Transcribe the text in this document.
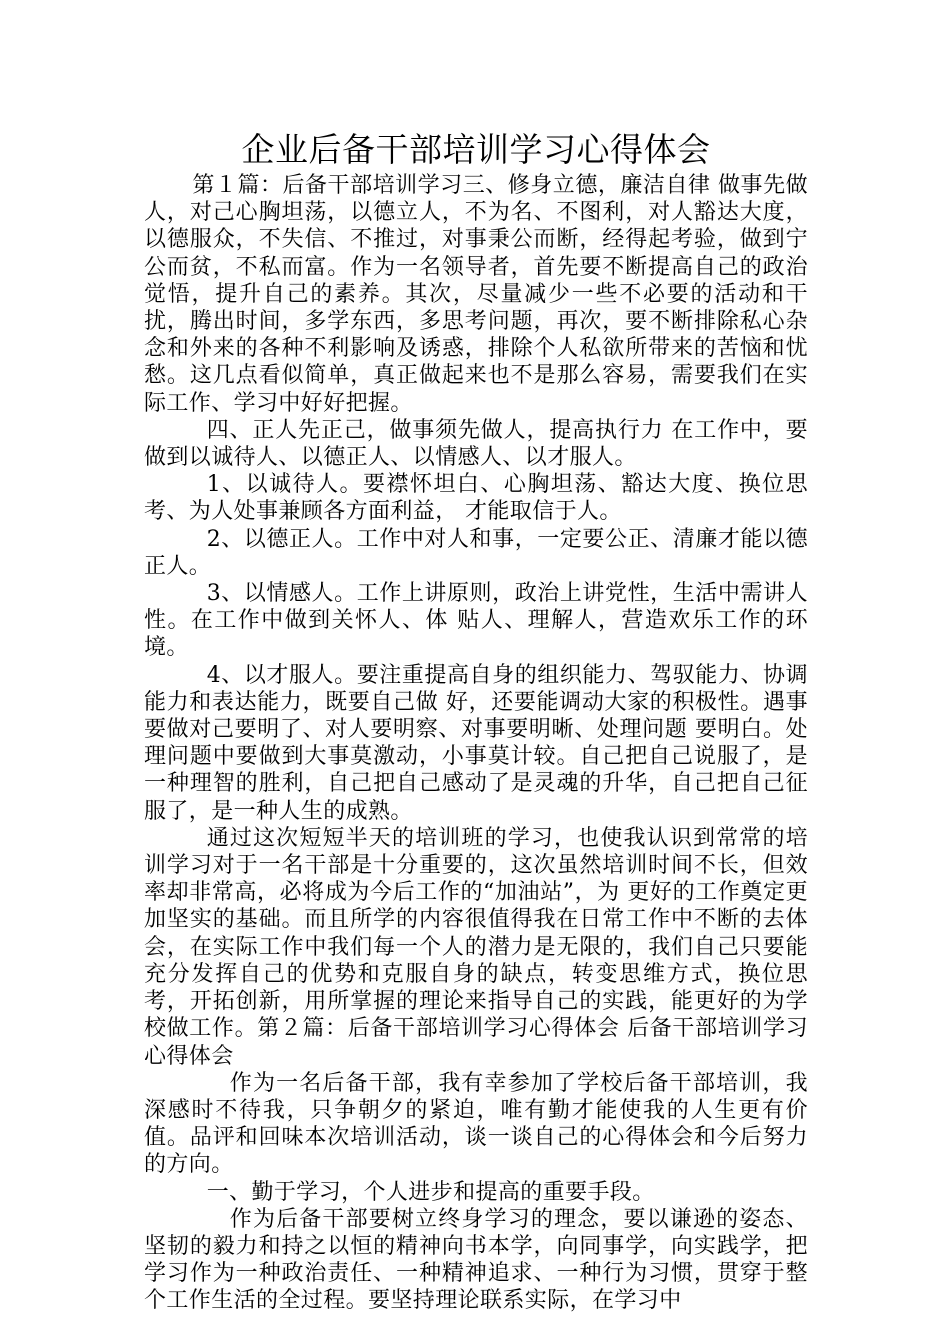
企业后备干部培训学习心得体会

第１篇：后备干部培训学习三、修身立德，廉洁自律 做事先做人，对己心胸坦荡，以德立人，不为名、不图利，对人豁达大度，以德服众，不失信、不推过，对事秉公而断，经得起考验，做到宁公而贫，不私而富。作为一名领导者，首先要不断提高自己的政治觉悟，提升自己的素养。其次，尽量减少一些不必要的活动和干扰，腾出时间，多学东西，多思考问题，再次，要不断排除私心杂念和外来的各种不利影响及诱惑，排除个人私欲所带来的苦恼和忧愁。这几点看似简单，真正做起来也不是那么容易，需要我们在实际工作、学习中好好把握。

四、正人先正己，做事须先做人，提高执行力 在工作中，要做到以诚待人、以德正人、以情感人、以才服人。

1、以诚待人。要襟怀坦白、心胸坦荡、豁达大度、换位思考、为人处事兼顾各方面利益， 才能取信于人。

2、以德正人。工作中对人和事，一定要公正、清廉才能以德正人。

3、以情感人。工作上讲原则，政治上讲党性，生活中需讲人性。在工作中做到关怀人、体 贴人、理解人，营造欢乐工作的环境。

4、以才服人。要注重提高自身的组织能力、驾驭能力、协调能力和表达能力，既要自己做 好，还要能调动大家的积极性。遇事要做对己要明了、对人要明察、对事要明晰、处理问题 要明白。处理问题中要做到大事莫激动，小事莫计较。自己把自己说服了，是一种理智的胜利，自己把自己感动了是灵魂的升华，自己把自己征服了，是一种人生的成熟。

通过这次短短半天的培训班的学习，也使我认识到常常的培训学习对于一名干部是十分重要的，这次虽然培训时间不长，但效率却非常高，必将成为今后工作的“加油站”，为 更好的工作奠定更加坚实的基础。而且所学的内容很值得我在日常工作中不断的去体会，在实际工作中我们每一个人的潜力是无限的，我们自己只要能充分发挥自己的优势和克服自身的缺点，转变思维方式，换位思考，开拓创新，用所掌握的理论来指导自己的实践，能更好的为学校做工作。第２篇：后备干部培训学习心得体会 后备干部培训学习心得体会

作为一名后备干部，我有幸参加了学校后备干部培训，我深感时不待我，只争朝夕的紧迫，唯有勤才能使我的人生更有价值。品评和回味本次培训活动，谈一谈自己的心得体会和今后努力的方向。

一、勤于学习，个人进步和提高的重要手段。

作为后备干部要树立终身学习的理念，要以谦逊的姿态、坚韧的毅力和持之以恒的精神向书本学，向同事学，向实践学，把学习作为一种政治责任、一种精神追求、一种行为习惯，贯穿于整个工作生活的全过程。要坚持理论联系实际，在学习中
